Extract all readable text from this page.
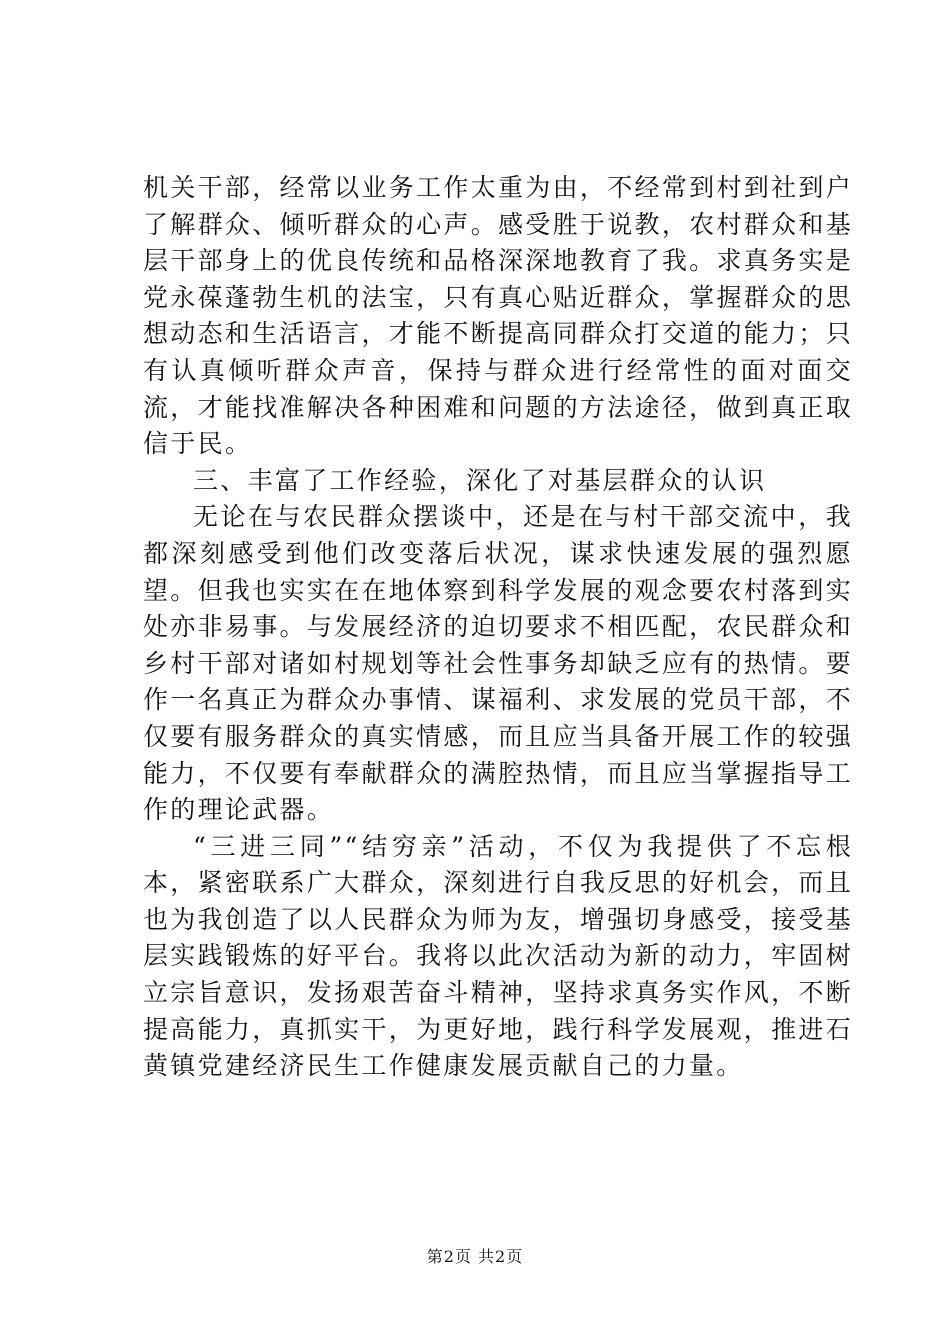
机关干部，经常以业务工作太重为由，不经常到村到社到户了解群众、倾听群众的心声。感受胜于说教，农村群众和基层干部身上的优良传统和品格深深地教育了我。求真务实是党永葆蓬勃生机的法宝，只有真心贴近群众，掌握群众的思想动态和生活语言，才能不断提高同群众打交道的能力；只有认真倾听群众声音，保持与群众进行经常性的面对面交流，才能找准解决各种困难和问题的方法途径，做到真正取信于民。

三、丰富了工作经验，深化了对基层群众的认识

无论在与农民群众摆谈中，还是在与村干部交流中，我都深刻感受到他们改变落后状况，谋求快速发展的强烈愿望。但我也实实在在地体察到科学发展的观念要农村落到实处亦非易事。与发展经济的迫切要求不相匹配，农民群众和乡村干部对诸如村规划等社会性事务却缺乏应有的热情。要作一名真正为群众办事情、谋福利、求发展的党员干部，不仅要有服务群众的真实情感，而且应当具备开展工作的较强能力，不仅要有奉献群众的满腔热情，而且应当掌握指导工作的理论武器。

“三进三同”“结穷亲”活动，不仅为我提供了不忘根本，紧密联系广大群众，深刻进行自我反思的好机会，而且也为我创造了以人民群众为师为友，增强切身感受，接受基层实践锻炼的好平台。我将以此次活动为新的动力，牢固树立宗旨意识，发扬艰苦奋斗精神，坚持求真务实作风，不断提高能力，真抓实干，为更好地，践行科学发展观，推进石黄镇党建经济民生工作健康发展贡献自己的力量。

第2页 共2页
